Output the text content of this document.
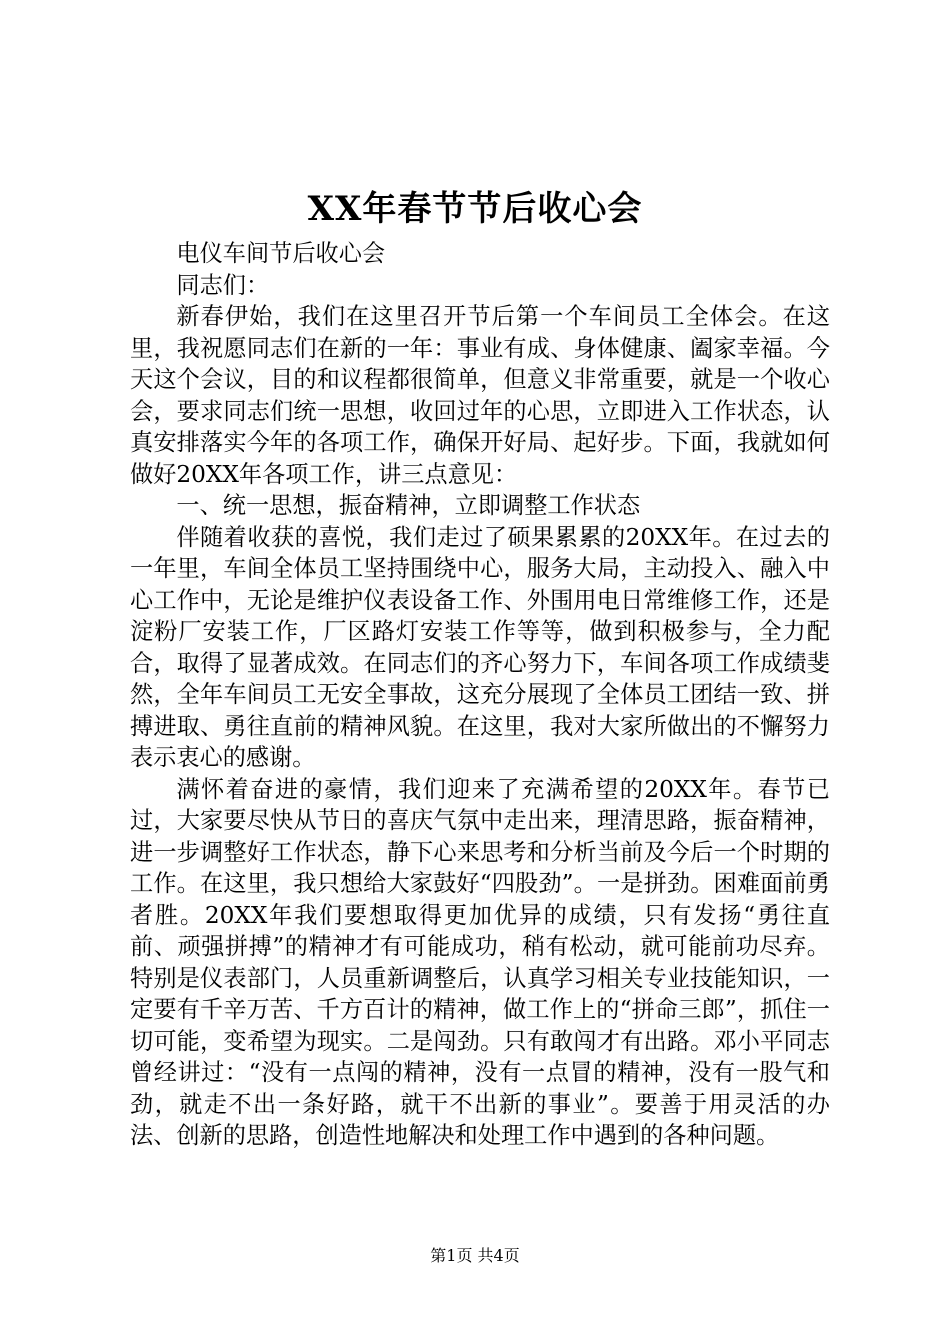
XX年春节节后收心会

电仪车间节后收心会

同志们：

新春伊始，我们在这里召开节后第一个车间员工全体会。在这里，我祝愿同志们在新的一年：事业有成、身体健康、阖家幸福。今天这个会议，目的和议程都很简单，但意义非常重要，就是一个收心会，要求同志们统一思想，收回过年的心思，立即进入工作状态，认真安排落实今年的各项工作，确保开好局、起好步。下面，我就如何做好20XX年各项工作，讲三点意见：

一、统一思想，振奋精神，立即调整工作状态

伴随着收获的喜悦，我们走过了硕果累累的20XX年。在过去的一年里，车间全体员工坚持围绕中心，服务大局，主动投入、融入中心工作中，无论是维护仪表设备工作、外围用电日常维修工作，还是淀粉厂安装工作，厂区路灯安装工作等等，做到积极参与，全力配合，取得了显著成效。在同志们的齐心努力下，车间各项工作成绩斐然，全年车间员工无安全事故，这充分展现了全体员工团结一致、拼搏进取、勇往直前的精神风貌。在这里，我对大家所做出的不懈努力表示衷心的感谢。

满怀着奋进的豪情，我们迎来了充满希望的20XX年。春节已过，大家要尽快从节日的喜庆气氛中走出来，理清思路，振奋精神，进一步调整好工作状态，静下心来思考和分析当前及今后一个时期的工作。在这里，我只想给大家鼓好“四股劲”。一是拼劲。困难面前勇者胜。20XX年我们要想取得更加优异的成绩，只有发扬“勇往直前、顽强拼搏”的精神才有可能成功，稍有松动，就可能前功尽弃。特别是仪表部门，人员重新调整后，认真学习相关专业技能知识，一定要有千辛万苦、千方百计的精神，做工作上的“拼命三郎”，抓住一切可能，变希望为现实。二是闯劲。只有敢闯才有出路。邓小平同志曾经讲过：“没有一点闯的精神，没有一点冒的精神，没有一股气和劲，就走不出一条好路，就干不出新的事业”。要善于用灵活的办法、创新的思路，创造性地解决和处理工作中遇到的各种问题。

第1页 共4页
